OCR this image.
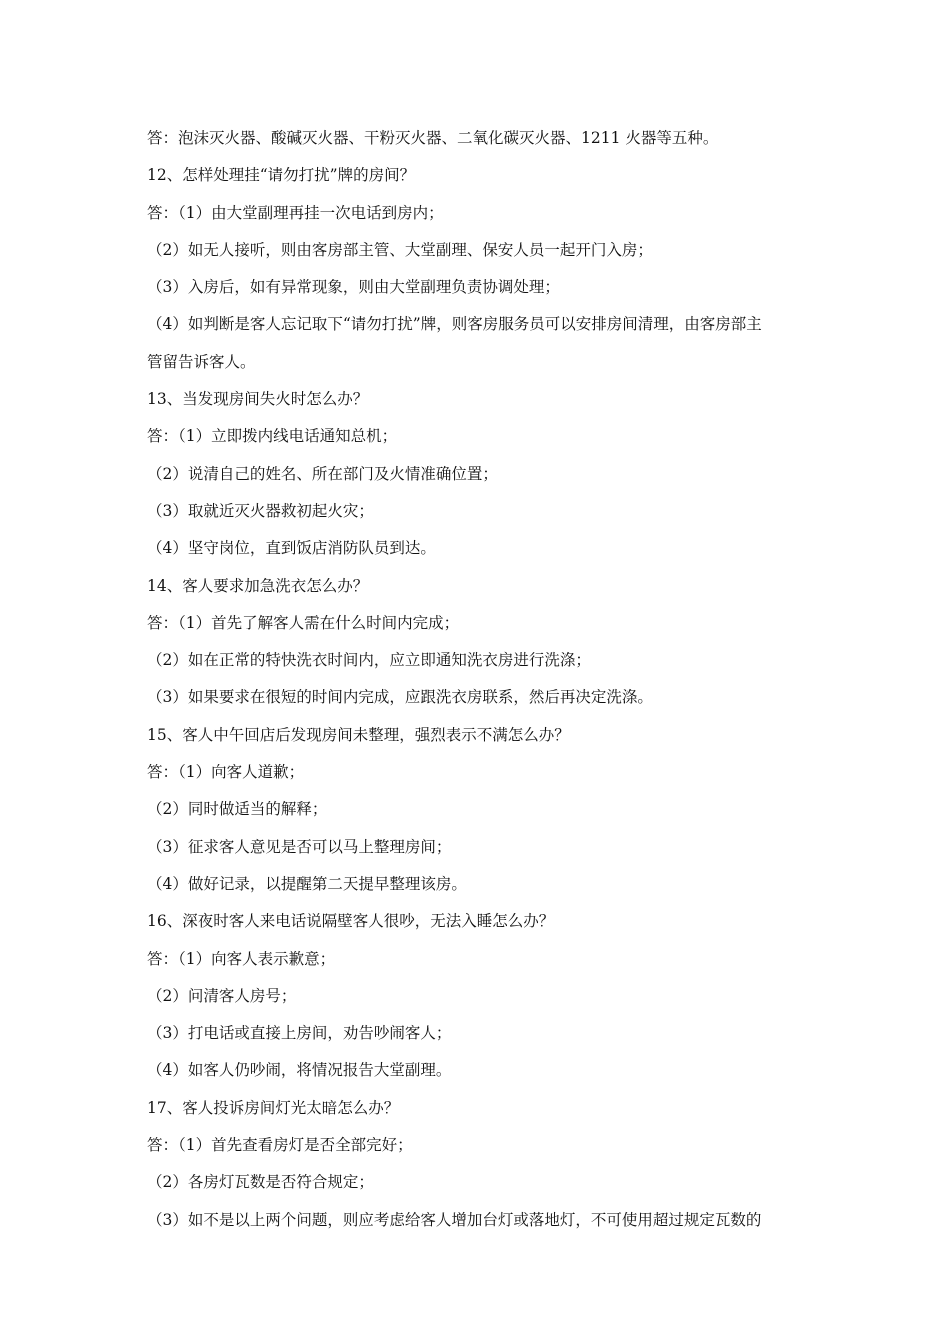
答：泡沫灭火器、酸碱灭火器、干粉灭火器、二氧化碳灭火器、1211 火器等五种。
12、怎样处理挂“请勿打扰”牌的房间？
答：（1）由大堂副理再挂一次电话到房内；
（2）如无人接听，则由客房部主管、大堂副理、保安人员一起开门入房；
（3）入房后，如有异常现象，则由大堂副理负责协调处理；
（4）如判断是客人忘记取下“请勿打扰”牌，则客房服务员可以安排房间清理，由客房部主
管留告诉客人。
13、当发现房间失火时怎么办？
答：（1）立即拨内线电话通知总机；
（2）说清自己的姓名、所在部门及火情准确位置；
（3）取就近灭火器救初起火灾；
（4）坚守岗位，直到饭店消防队员到达。
14、客人要求加急洗衣怎么办？
答：（1）首先了解客人需在什么时间内完成；
（2）如在正常的特快洗衣时间内，应立即通知洗衣房进行洗涤；
（3）如果要求在很短的时间内完成，应跟洗衣房联系，然后再决定洗涤。
15、客人中午回店后发现房间未整理，强烈表示不满怎么办？
答：（1）向客人道歉；
（2）同时做适当的解释；
（3）征求客人意见是否可以马上整理房间；
（4）做好记录，以提醒第二天提早整理该房。
16、深夜时客人来电话说隔壁客人很吵，无法入睡怎么办？
答：（1）向客人表示歉意；
（2）问清客人房号；
（3）打电话或直接上房间，劝告吵闹客人；
（4）如客人仍吵闹，将情况报告大堂副理。
17、客人投诉房间灯光太暗怎么办？
答：（1）首先查看房灯是否全部完好；
（2）各房灯瓦数是否符合规定；
（3）如不是以上两个问题，则应考虑给客人增加台灯或落地灯，不可使用超过规定瓦数的
